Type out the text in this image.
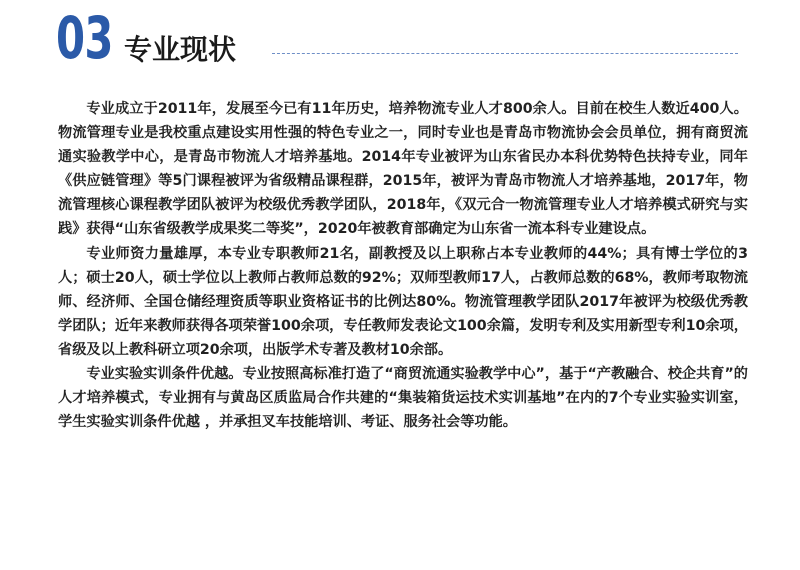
03 专业现状

专业成立于2011年，发展至今已有11年历史，培养物流专业人才800余人。目前在校生人数近400人。物流管理专业是我校重点建设实用性强的特色专业之一，同时专业也是青岛市物流协会会员单位，拥有商贸流通实验教学中心，是青岛市物流人才培养基地。2014年专业被评为山东省民办本科优势特色扶持专业，同年《供应链管理》等5门课程被评为省级精品课程群，2015年，被评为青岛市物流人才培养基地，2017年，物流管理核心课程教学团队被评为校级优秀教学团队，2018年，《双元合一物流管理专业人才培养模式研究与实践》获得“山东省级教学成果奖二等奖”，2020年被教育部确定为山东省一流本科专业建设点。

专业师资力量雄厚，本专业专职教师21名，副教授及以上职称占本专业教师的44%；具有博士学位的3人；硕士20人，硕士学位以上教师占教师总数的92%；双师型教师17人，占教师总数的68%，教师考取物流师、经济师、全国仓储经理资质等职业资格证书的比例达80%。物流管理教学团队2017年被评为校级优秀教学团队；近年来教师获得各项荣誉100余项，专任教师发表论文100余篇，发明专利及实用新型专利10余项，省级及以上教科研立项20余项，出版学术专著及教材10余部。

专业实验实训条件优越。专业按照高标准打造了“商贸流通实验教学中心”，基于“产教融合、校企共育”的人才培养模式，专业拥有与黄岛区质监局合作共建的“集装箱货运技术实训基地”在内的7个专业实验实训室，学生实验实训条件优越 ，并承担叉车技能培训、考证、服务社会等功能。
